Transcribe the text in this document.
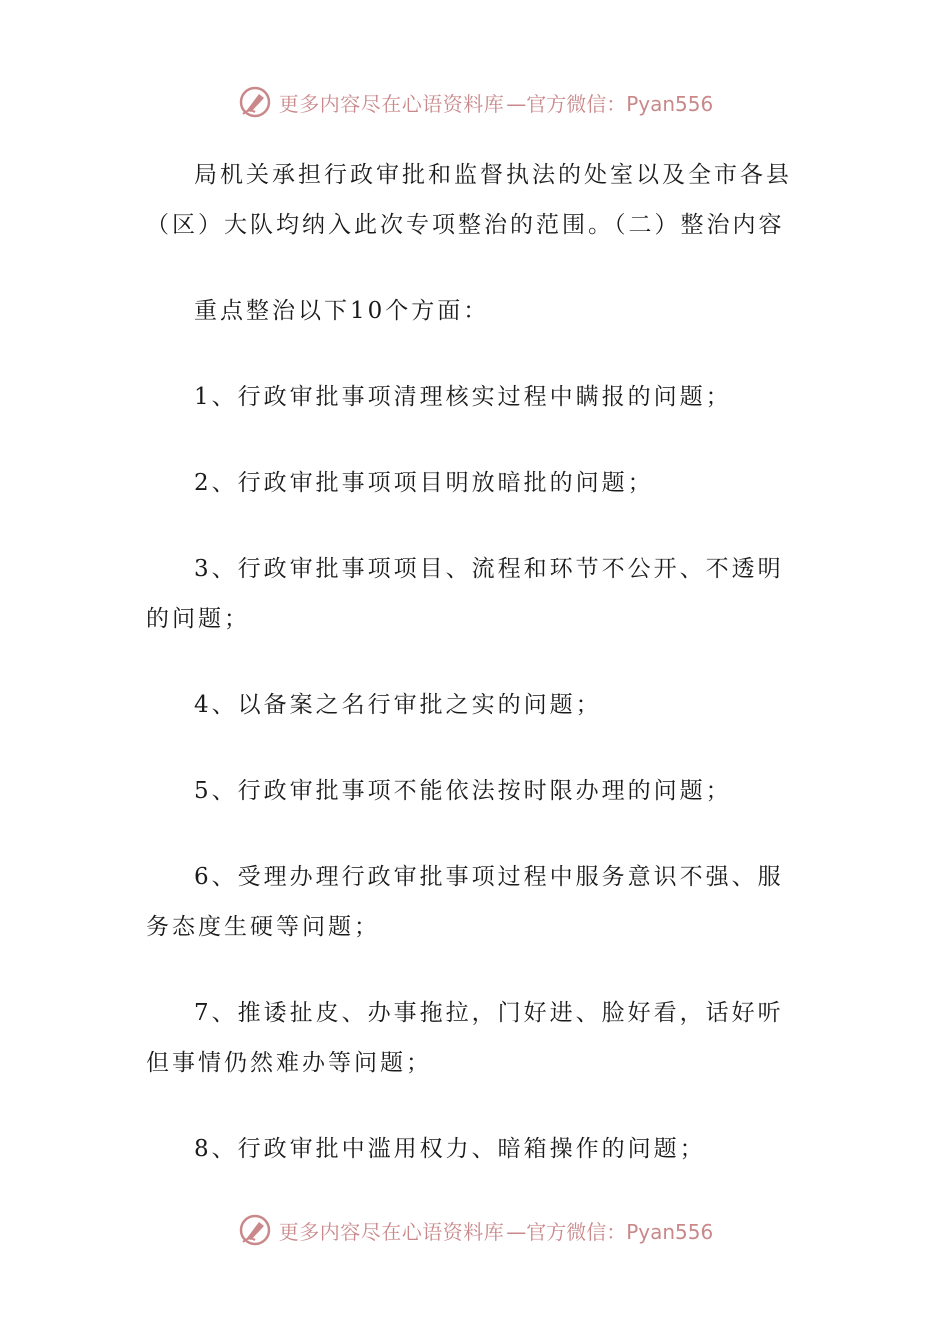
更多内容尽在心语资料库 —官方微信：Pyan556

局机关承担行政审批和监督执法的处室以及全市各县（区）大队均纳入此次专项整治的范围。（二）整治内容

重点整治以下10个方面：

1、行政审批事项清理核实过程中瞒报的问题；

2、行政审批事项项目明放暗批的问题；

3、行政审批事项项目、流程和环节不公开、不透明的问题；

4、以备案之名行审批之实的问题；

5、行政审批事项不能依法按时限办理的问题；

6、受理办理行政审批事项过程中服务意识不强、服务态度生硬等问题；

7、推诿扯皮、办事拖拉，门好进、脸好看，话好听但事情仍然难办等问题；

8、行政审批中滥用权力、暗箱操作的问题；

更多内容尽在心语资料库 —官方微信：Pyan556
